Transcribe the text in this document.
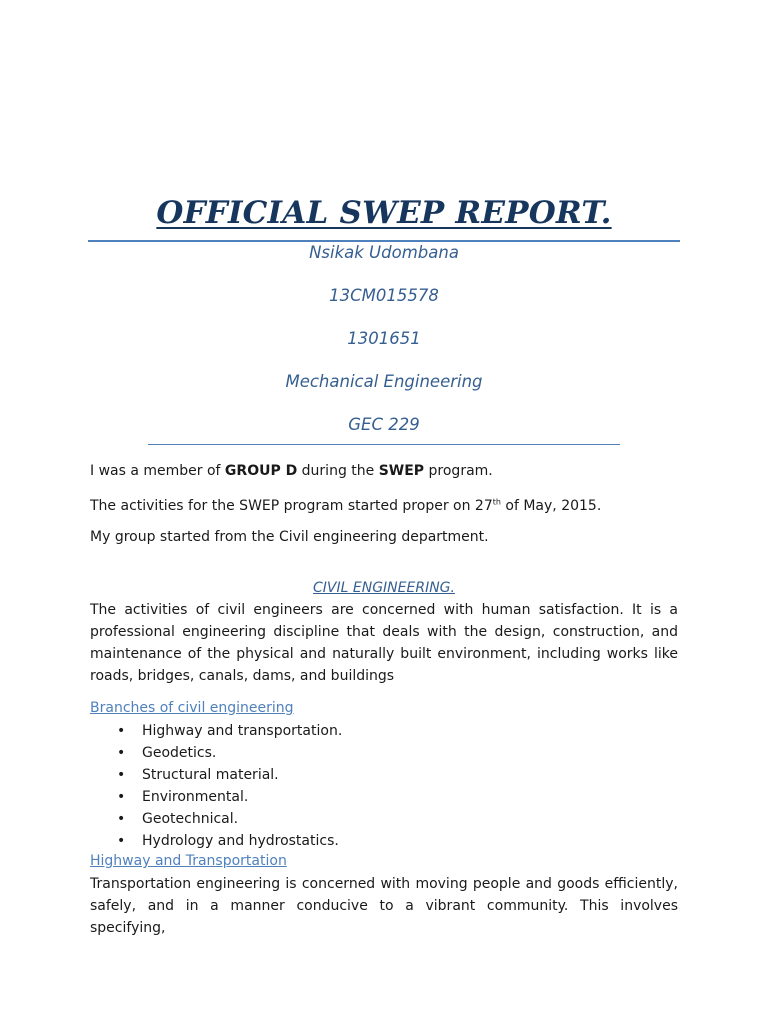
OFFICIAL SWEP REPORT.
Nsikak Udombana
13CM015578
1301651
Mechanical Engineering
GEC 229
I was a member of GROUP D during the SWEP program.
The activities for the SWEP program started proper on 27th of May, 2015.
My group started from the Civil engineering department.
CIVIL ENGINEERING.
The activities of civil engineers are concerned with human satisfaction. It is a professional engineering discipline that deals with the design, construction, and maintenance of the physical and naturally built environment, including works like roads, bridges, canals, dams, and buildings
Branches of civil engineering
• Highway and transportation.
• Geodetics.
• Structural material.
• Environmental.
• Geotechnical.
• Hydrology and hydrostatics.
Highway and Transportation
Transportation engineering is concerned with moving people and goods efficiently, safely, and in a manner conducive to a vibrant community. This involves specifying,
